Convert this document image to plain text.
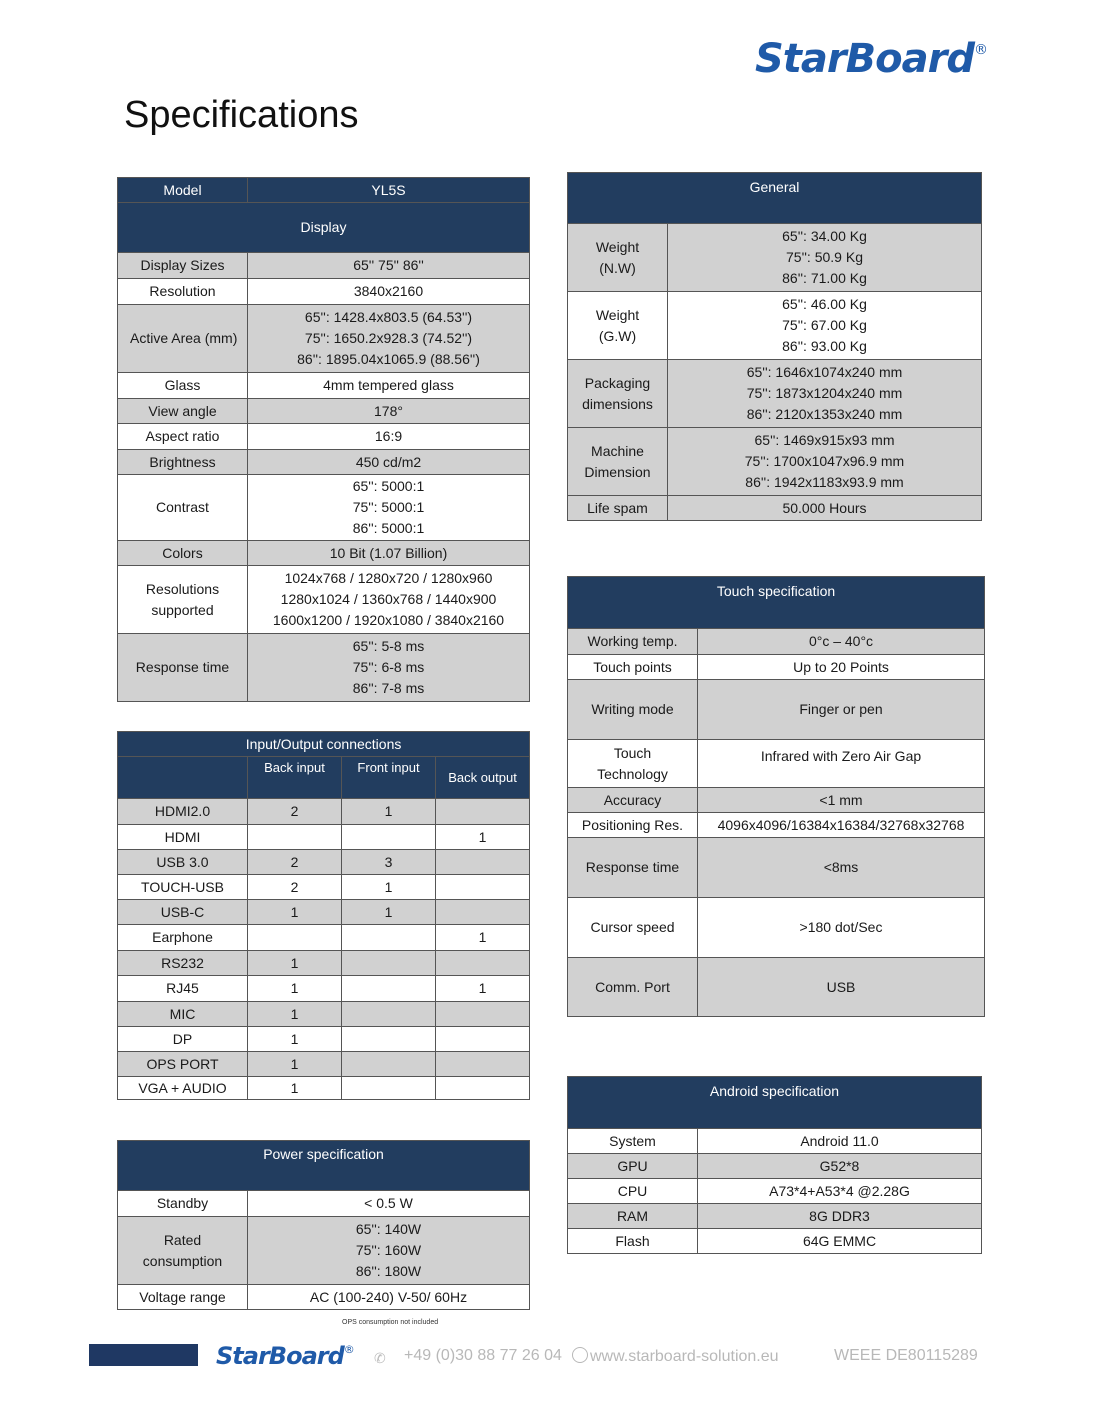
StarBoard®
Specifications
Model	YL5S
Display	
Display Sizes	65'' 75'' 86''
Resolution	3840x2160
Active Area (mm)	65'': 1428.4x803.5 (64.53'')
75'': 1650.2x928.3 (74.52'')
86'': 1895.04x1065.9 (88.56'')

Glass	4mm tempered glass
View angle	178°
Aspect ratio	16:9
Brightness	450 cd/m2
Contrast	65'': 5000:1
75'': 5000:1
86'': 5000:1

Colors	10 Bit (1.07 Billion)

Resolutions
supported	1024x768 / 1280x720 / 1280x960
1280x1024 / 1360x768 / 1440x900
1600x1200 / 1920x1080 / 3840x2160

Response time	65'': 5-8 ms
75'': 6-8 ms
86'': 7-8 ms
Input/Output connections			
	Back input	Front input	Back output
HDMI2.0	2	1	
HDMI			1
USB 3.0	2	3	
TOUCH-USB	2	1	
USB-C	1	1	
Earphone			1
RS232	1		
RJ45	1		1
MIC	1		
DP	1		
OPS PORT	1		
VGA + AUDIO	1		
Power specification	
Standby	< 0.5 W

Rated
consumption	65'': 140W
75'': 160W
86'': 180W

Voltage range	AC (100-240) V-50/ 60Hz
OPS consumption not included
General	

Weight
(N.W)	65'': 34.00 Kg
75'': 50.9 Kg
86'': 71.00 Kg

Weight
(G.W)	65'': 46.00 Kg
75'': 67.00 Kg
86'': 93.00 Kg

Packaging
dimensions	65'': 1646x1074x240 mm
75'': 1873x1204x240 mm
86'': 2120x1353x240 mm

Machine
Dimension	65'': 1469x915x93 mm
75'': 1700x1047x96.9 mm
86'': 1942x1183x93.9 mm

Life spam	50.000 Hours
Touch specification	
Working temp.	0°c – 40°c
Touch points	Up to 20 Points
Writing mode	Finger or pen

Touch
Technology	Infrared with Zero Air Gap
Accuracy	<1 mm
Positioning Res.	4096x4096/16384x16384/32768x32768
Response time	<8ms
Cursor speed	>180 dot/Sec
Comm. Port	USB
Android specification	
System	Android 11.0
GPU	G52*8
CPU	A73*4+A53*4 @2.28G
RAM	8G DDR3
Flash	64G EMMC
StarBoard®
✆ +49 (0)30 88 77 26 04	www.starboard-solution.eu	WEEE DE80115289
